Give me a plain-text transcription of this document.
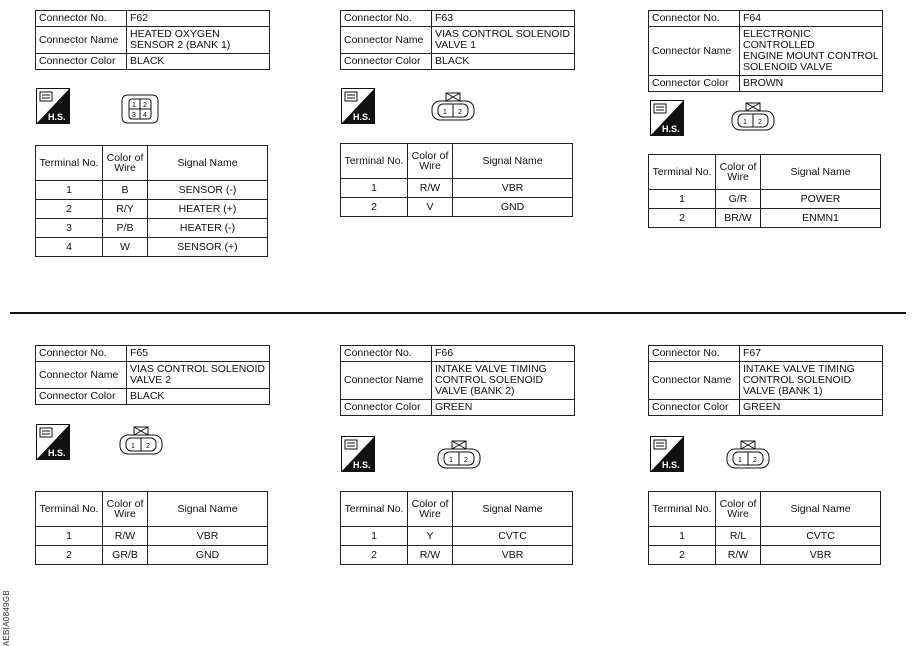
Connector No.	F62
Connector Name	HEATED OXYGEN
SENSOR 2 (BANK 1)
Connector Color	BLACK
H.S.
1 2
3 4
Terminal No.	Color of
Wire	Signal Name
1	B	SENSOR (-)
2	R/Y	HEATER (+)
3	P/B	HEATER (-)
4	W	SENSOR (+)
Connector No.	F63
Connector Name	VIAS CONTROL SOLENOID
VALVE 1
Connector Color	BLACK
H.S.	1 2
Terminal No.	Color of
Wire	Signal Name
1	R/W	VBR
2	V	GND
Connector No.	F64
Connector Name	ELECTRONIC CONTROLLED
ENGINE MOUNT CONTROL
SOLENOID VALVE
Connector Color	BROWN
H.S.
1 2
Terminal No.	Color of
Wire	Signal Name
1	G/R	POWER
2	BR/W	ENMN1
Connector No.	F65
Connector Name	VIAS CONTROL SOLENOID
VALVE 2
Connector Color	BLACK
H.S.
1 2
Terminal No.	Color of
Wire	Signal Name
1	R/W	VBR
2	GR/B	GND
Connector No.	F66
Connector Name	INTAKE VALVE TIMING
CONTROL SOLENOID
VALVE (BANK 2)
Connector Color	GREEN
H.S.	1 2
Terminal No.	Color of
Wire	Signal Name
1	Y	CVTC
2	R/W	VBR
Connector No.	F67
Connector Name	INTAKE VALVE TIMING
CONTROL SOLENOID
VALVE (BANK 1)
Connector Color	GREEN
H.S.	1 2
Terminal No.	Color of
Wire	Signal Name
1	R/L	CVTC
2	R/W	VBR
AEBIA0849GB
